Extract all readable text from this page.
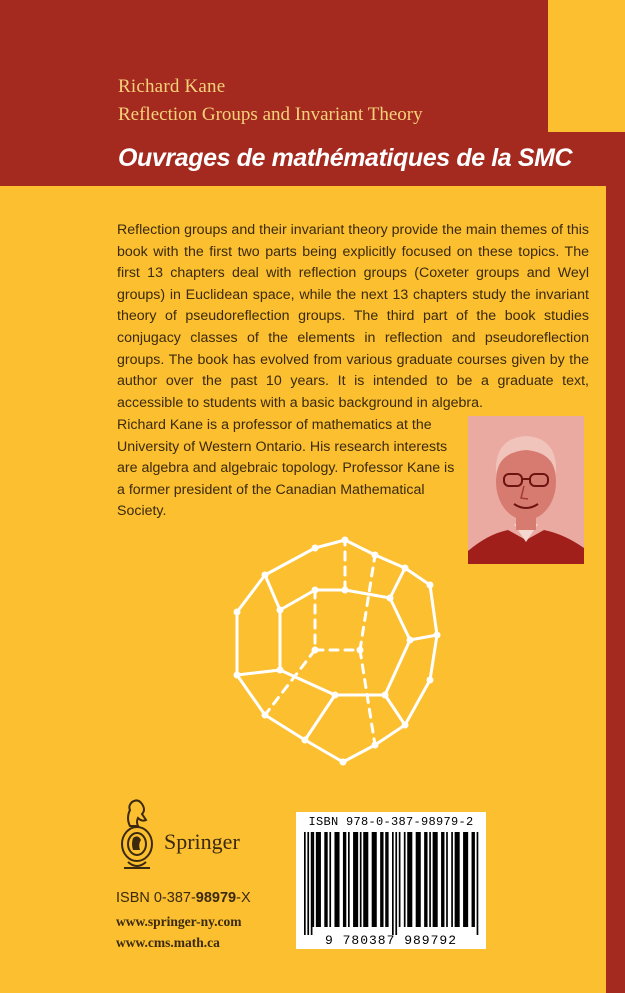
Richard Kane
Reflection Groups and Invariant Theory
Ouvrages de mathématiques de la SMC
Reflection groups and their invariant theory provide the main themes of this book with the first two parts being explicitly focused on these topics. The first 13 chapters deal with reflection groups (Coxeter groups and Weyl groups) in Euclidean space, while the next 13 chapters study the invariant theory of pseudoreflection groups. The third part of the book studies conjugacy classes of the elements in reflection and pseudoreflection groups. The book has evolved from various graduate courses given by the author over the past 10 years. It is intended to be a graduate text, accessible to students with a basic background in algebra.
Richard Kane is a professor of mathematics at the University of Western Ontario. His research interests are algebra and algebraic topology. Professor Kane is a former president of the Canadian Mathematical Society.
Springer
ISBN 0-387-98979-X
www.springer-ny.com
www.cms.math.ca
ISBN 978-0-387-98979-2
9 780387 989792
